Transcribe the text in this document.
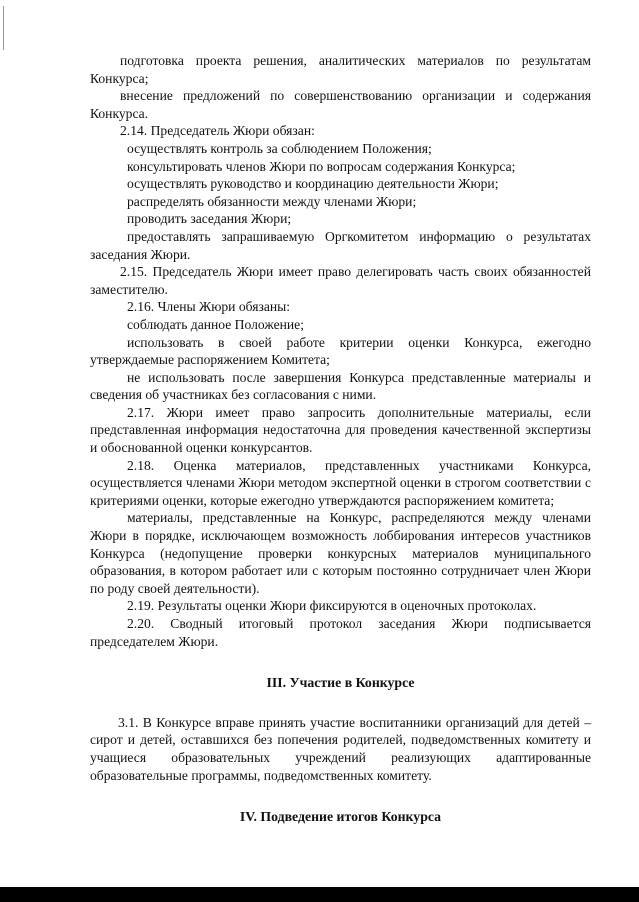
подготовка проекта решения, аналитических материалов по результатам Конкурса;

внесение предложений по совершенствованию организации и содержания Конкурса.

2.14. Председатель Жюри обязан:

осуществлять контроль за соблюдением Положения;

консультировать членов Жюри по вопросам содержания Конкурса;

осуществлять руководство и координацию деятельности Жюри;

распределять обязанности между членами Жюри;

проводить заседания Жюри;

предоставлять запрашиваемую Оргкомитетом информацию о результатах заседания Жюри.

2.15. Председатель Жюри имеет право делегировать часть своих обязанностей заместителю.

2.16. Члены Жюри обязаны:

соблюдать данное Положение;

использовать в своей работе критерии оценки Конкурса, ежегодно утверждаемые распоряжением Комитета;

не использовать после завершения Конкурса представленные материалы и сведения об участниках без согласования с ними.

2.17. Жюри имеет право запросить дополнительные материалы, если представленная информация недостаточна для проведения качественной экспертизы и обоснованной оценки конкурсантов.

2.18. Оценка материалов, представленных участниками Конкурса, осуществляется членами Жюри методом экспертной оценки в строгом соответствии с критериями оценки, которые ежегодно утверждаются распоряжением комитета;

материалы, представленные на Конкурс, распределяются между членами Жюри в порядке, исключающем возможность лоббирования интересов участников Конкурса (недопущение проверки конкурсных материалов муниципального образования, в котором работает или с которым постоянно сотрудничает член Жюри по роду своей деятельности).

2.19. Результаты оценки Жюри фиксируются в оценочных протоколах.

2.20. Сводный итоговый протокол заседания Жюри подписывается председателем Жюри.

III. Участие в Конкурсе

3.1. В Конкурсе вправе принять участие воспитанники организаций для детей – сирот и детей, оставшихся без попечения родителей, подведомственных комитету и учащиеся образовательных учреждений реализующих адаптированные образовательные программы, подведомственных комитету.

IV. Подведение итогов Конкурса
